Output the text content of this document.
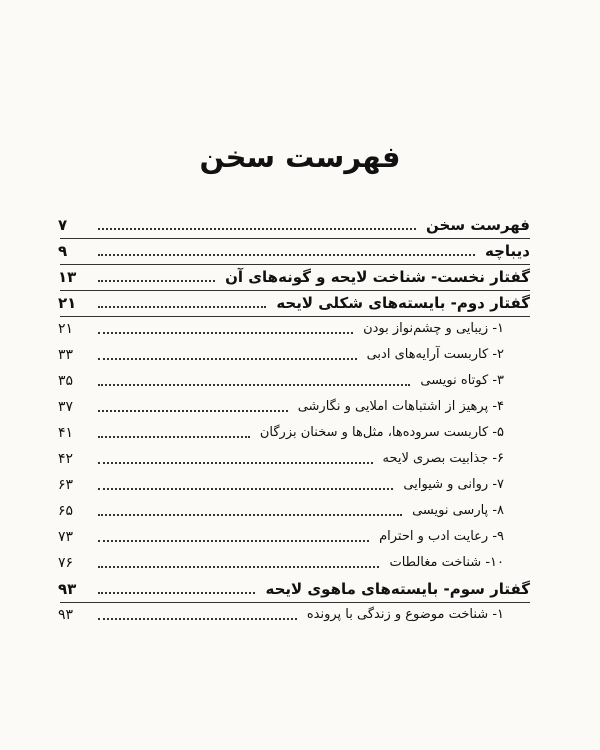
فهرست سخن
فهرست سخن
۷
دیباچه
۹
گفتار نخست- شناخت لایحه و گونه‌های آن
۱۳
گفتار دوم- بایسته‌های شکلی لایحه
۲۱
۱- زیبایی و چشم‌نواز بودن
۲۱
۲- کاربست آرایه‌های ادبی
۳۳
۳- کوتاه نویسی
۳۵
۴- پرهیز از اشتباهات املایی و نگارشی
۳۷
۵- کاربست سروده‌ها، مثل‌ها و سخنان بزرگان
۴۱
۶- جذابیت بصری لایحه
۴۲
۷- روانی و شیوایی
۶۳
۸- پارسی نویسی
۶۵
۹- رعایت ادب و احترام
۷۳
۱۰- شناخت مغالطات
۷۶
گفتار سوم- بایسته‌های ماهوی لایحه
۹۳
۱- شناخت موضوع و زندگی با پرونده
۹۳
